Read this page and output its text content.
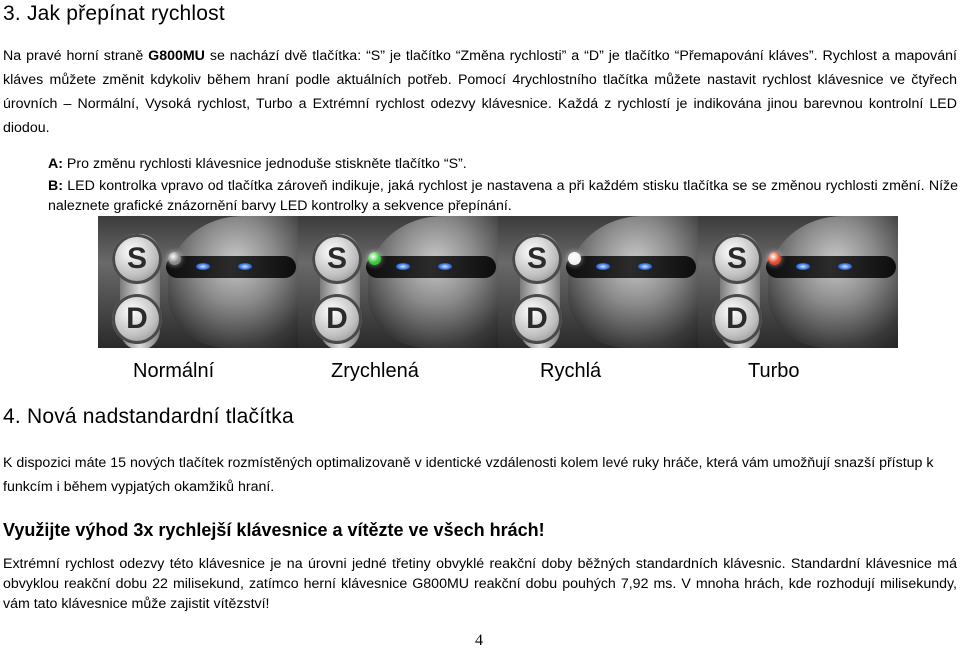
3. Jak přepínat rychlost
Na pravé horní straně G800MU se nachází dvě tlačítka: “S” je tlačítko “Změna rychlosti” a “D” je tlačítko “Přemapování kláves”. Rychlost a mapování kláves můžete změnit kdykoliv během hraní podle aktuálních potřeb. Pomocí 4rychlostního tlačítka můžete nastavit rychlost klávesnice ve čtyřech úrovních – Normální, Vysoká rychlost, Turbo a Extrémní rychlost odezvy klávesnice. Každá z rychlostí je indikována jinou barevnou kontrolní LED diodou.
A: Pro změnu rychlosti klávesnice jednoduše stiskněte tlačítko “S”.
B: LED kontrolka vpravo od tlačítka zároveň indikuje, jaká rychlost je nastavena a při každém stisku tlačítka se se změnou rychlosti změní. Níže naleznete grafické znázornění barvy LED kontrolky a sekvence přepínání.
S
D
S
D
S
D
S
D
Normální	Zrychlená	Rychlá	Turbo
4. Nová nadstandardní tlačítka

K dispozici máte 15 nových tlačítek rozmístěných optimalizovaně v identické vzdálenosti kolem levé ruky hráče, která vám umožňují snazší přístup k funkcím i během vypjatých okamžiků hraní.

Využijte výhod 3x rychlejší klávesnice a vítězte ve všech hrách!

Extrémní rychlost odezvy této klávesnice je na úrovni jedné třetiny obvyklé reakční doby běžných standardních klávesnic. Standardní klávesnice má obvyklou reakční dobu 22 milisekund, zatímco herní klávesnice G800MU reakční dobu pouhých 7,92 ms. V mnoha hrách, kde rozhodují milisekundy, vám tato klávesnice může zajistit vítězství!

4
